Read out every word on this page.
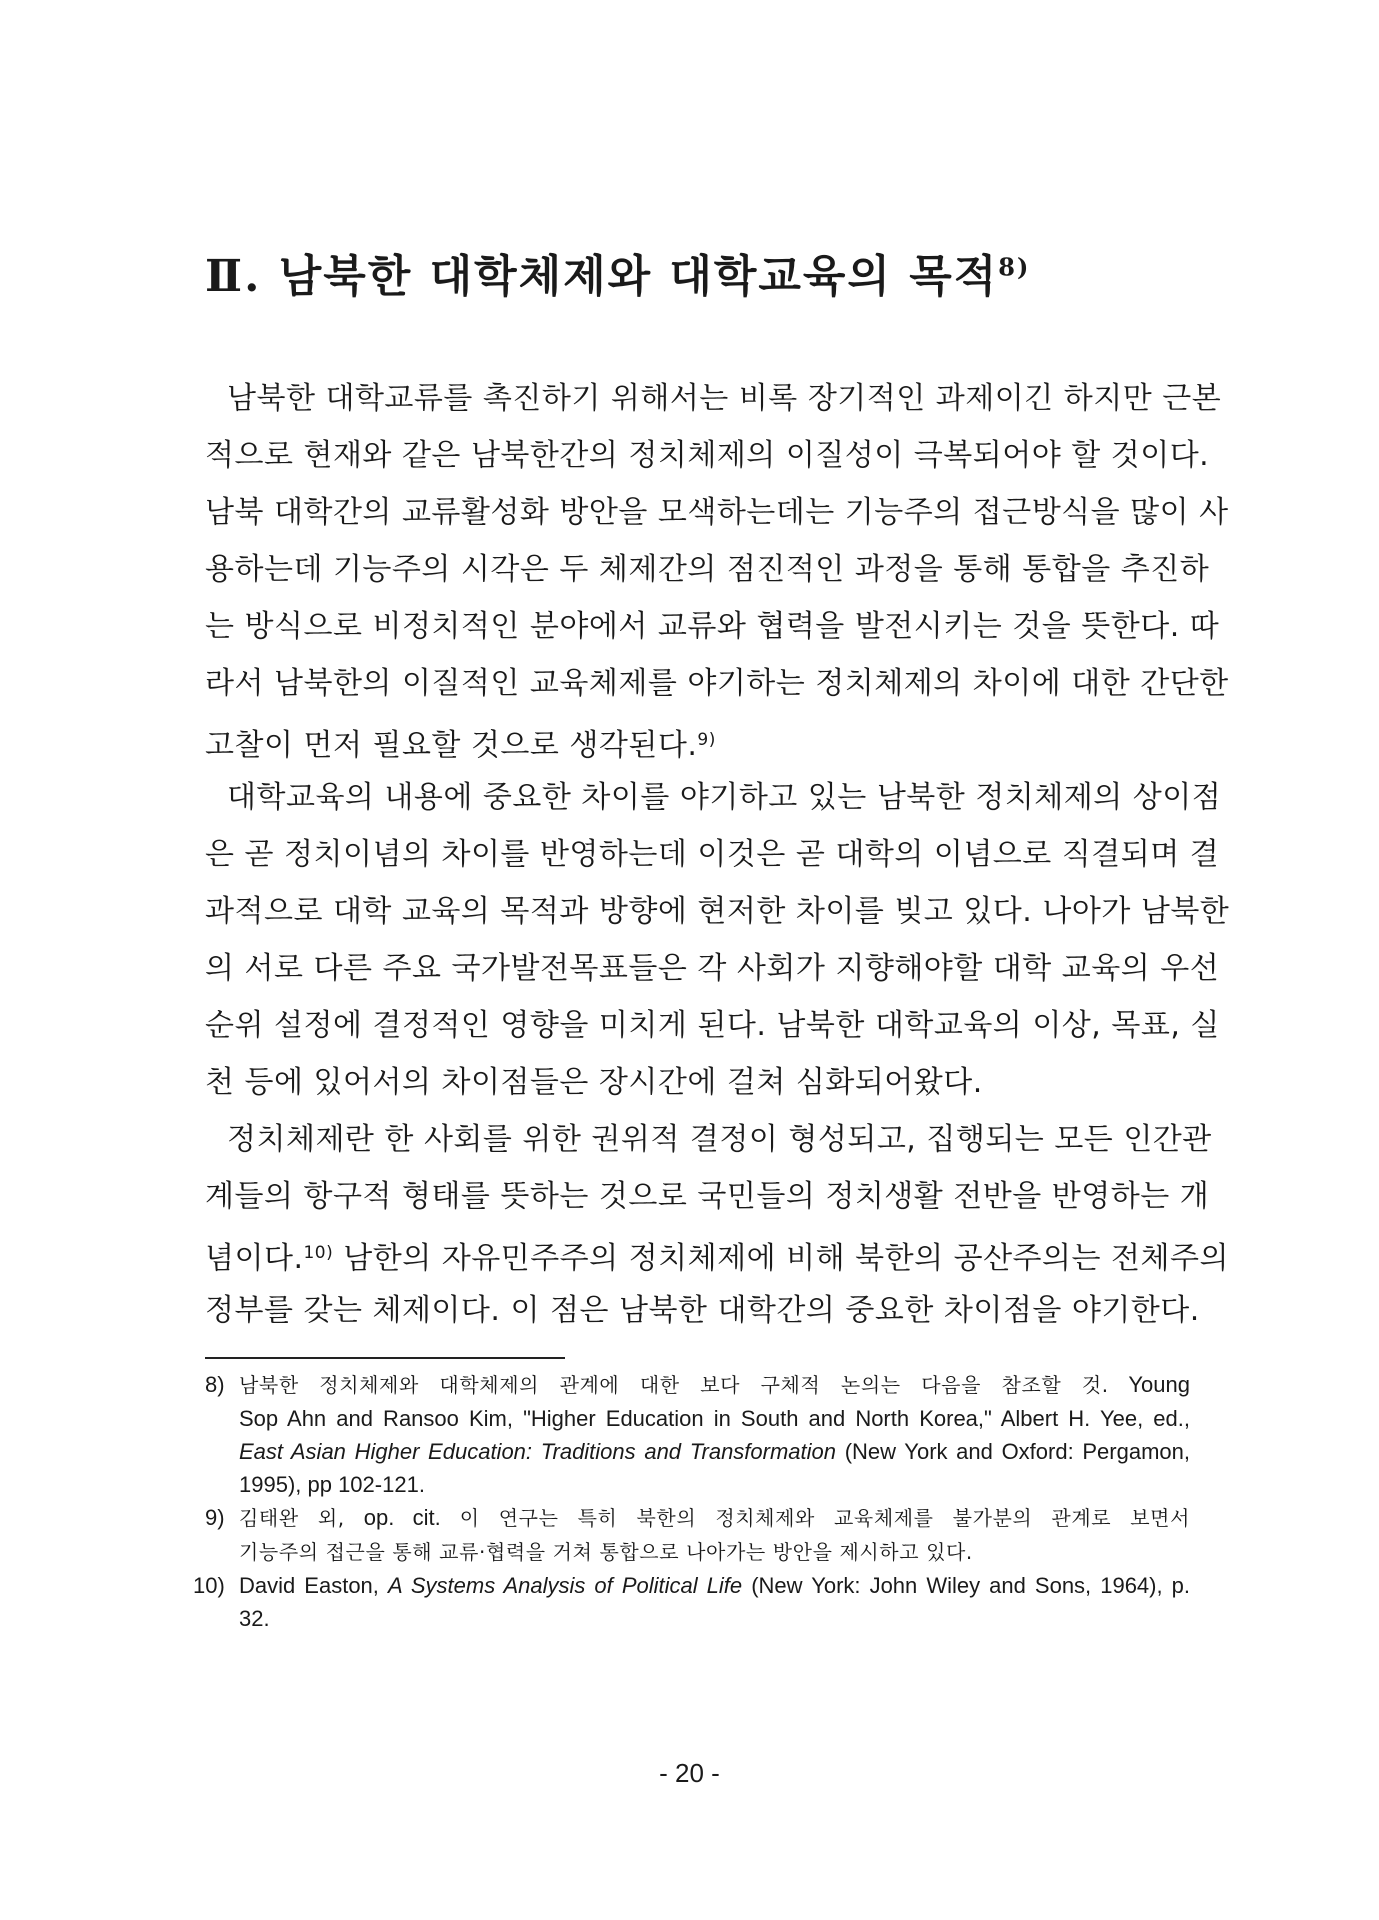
Ⅱ. 남북한 대학체제와 대학교육의 목적$^{8)}$
남북한 대학교류를 촉진하기 위해서는 비록 장기적인 과제이긴 하지만 근본
적으로 현재와 같은 남북한간의 정치체제의 이질성이 극복되어야 할 것이다.
남북 대학간의 교류활성화 방안을 모색하는데는 기능주의 접근방식을 많이 사
용하는데 기능주의 시각은 두 체제간의 점진적인 과정을 통해 통합을 추진하
는 방식으로 비정치적인 분야에서 교류와 협력을 발전시키는 것을 뜻한다. 따
라서 남북한의 이질적인 교육체제를 야기하는 정치체제의 차이에 대한 간단한
고찰이 먼저 필요할 것으로 생각된다.$^{9)}$
대학교육의 내용에 중요한 차이를 야기하고 있는 남북한 정치체제의 상이점
은 곧 정치이념의 차이를 반영하는데 이것은 곧 대학의 이념으로 직결되며 결
과적으로 대학 교육의 목적과 방향에 현저한 차이를 빚고 있다. 나아가 남북한
의 서로 다른 주요 국가발전목표들은 각 사회가 지향해야할 대학 교육의 우선
순위 설정에 결정적인 영향을 미치게 된다. 남북한 대학교육의 이상, 목표, 실
천 등에 있어서의 차이점들은 장시간에 걸쳐 심화되어왔다.
정치체제란 한 사회를 위한 권위적 결정이 형성되고, 집행되는 모든 인간관
계들의 항구적 형태를 뜻하는 것으로 국민들의 정치생활 전반을 반영하는 개
념이다.$^{10)}$ 남한의 자유민주주의 정치체제에 비해 북한의 공산주의는 전체주의
정부를 갖는 체제이다. 이 점은 남북한 대학간의 중요한 차이점을 야기한다.
8) 남북한 정치체제와 대학체제의 관계에 대한 보다 구체적 논의는 다음을 참조할 것. Young
Sop Ahn and Ransoo Kim, "Higher Education in South and North Korea," Albert H. Yee, ed.,
East Asian Higher Education: Traditions and Transformation (New York and Oxford: Pergamon,
1995), pp 102-121.
9) 김태완 외, op. cit. 이 연구는 특히 북한의 정치체제와 교육체제를 불가분의 관계로 보면서
기능주의 접근을 통해 교류·협력을 거쳐 통합으로 나아가는 방안을 제시하고 있다.
10) David Easton, A Systems Analysis of Political Life (New York: John Wiley and Sons, 1964), p.
32.
- 20 -
